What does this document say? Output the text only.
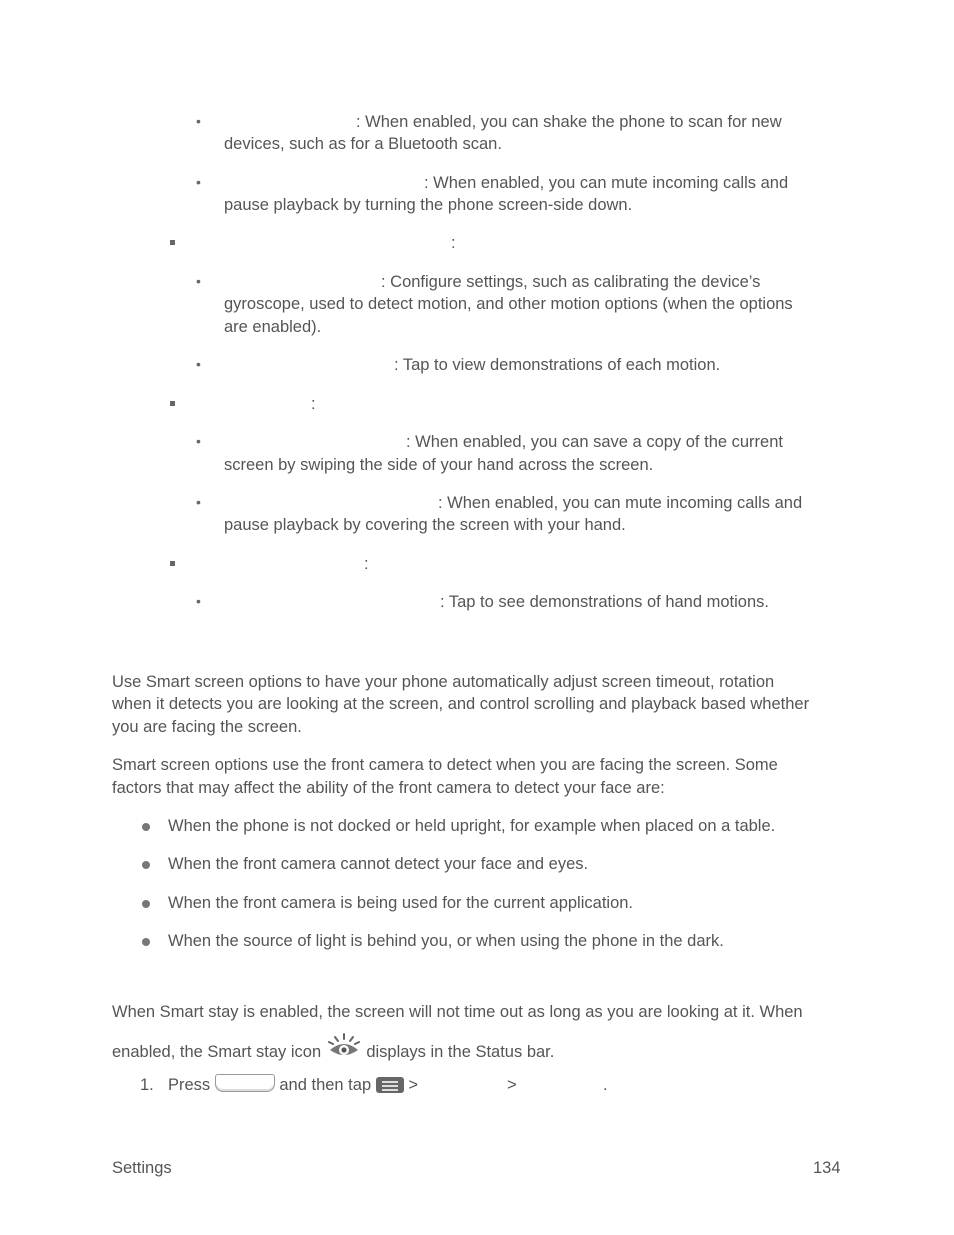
•	: When enabled, you can shake the phone to scan for new
devices, such as for a Bluetooth scan.
•	: When enabled, you can mute incoming calls and
pause playback by turning the phone screen-side down.
:
•	: Configure settings, such as calibrating the device’s
gyroscope, used to detect motion, and other motion options (when the options
are enabled).
•	: Tap to view demonstrations of each motion.
:
•	: When enabled, you can save a copy of the current
screen by swiping the side of your hand across the screen.
•	: When enabled, you can mute incoming calls and
pause playback by covering the screen with your hand.
:
•	: Tap to see demonstrations of hand motions.
Use Smart screen options to have your phone automatically adjust screen timeout, rotation
when it detects you are looking at the screen, and control scrolling and playback based whether
you are facing the screen.
Smart screen options use the front camera to detect when you are facing the screen. Some
factors that may affect the ability of the front camera to detect your face are:
When the phone is not docked or held upright, for example when placed on a table.
When the front camera cannot detect your face and eyes.
When the front camera is being used for the current application.
When the source of light is behind you, or when using the phone in the dark.
When Smart stay is enabled, the screen will not time out as long as you are looking at it. When
enabled, the Smart stay icon	displays in the Status bar.
1. Press	and then tap >	>	.
Settings	134
